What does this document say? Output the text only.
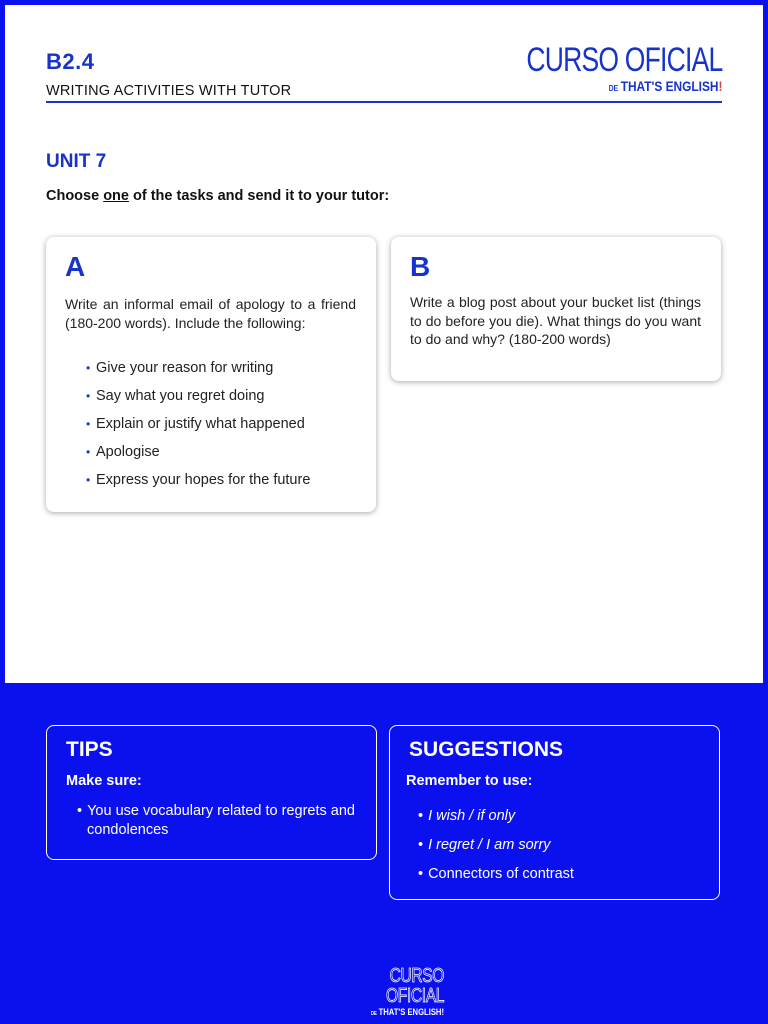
B2.4
WRITING ACTIVITIES WITH TUTOR
CURSO OFICIAL
DE THAT'S ENGLISH!
UNIT 7
Choose one of the tasks and send it to your tutor:
A
Write an informal email of apology to a friend (180-200 words). Include the following:
• Give your reason for writing
• Say what you regret doing
• Explain or justify what happened
• Apologise
• Express your hopes for the future
B
Write a blog post about your bucket list (things to do before you die). What things do you want to do and why? (180-200 words)
TIPS
Make sure:
• You use vocabulary related to regrets and condolences
SUGGESTIONS
Remember to use:
• I wish / if only
• I regret / I am sorry
• Connectors of contrast
CURSO OFICIAL
DE THAT'S ENGLISH!
